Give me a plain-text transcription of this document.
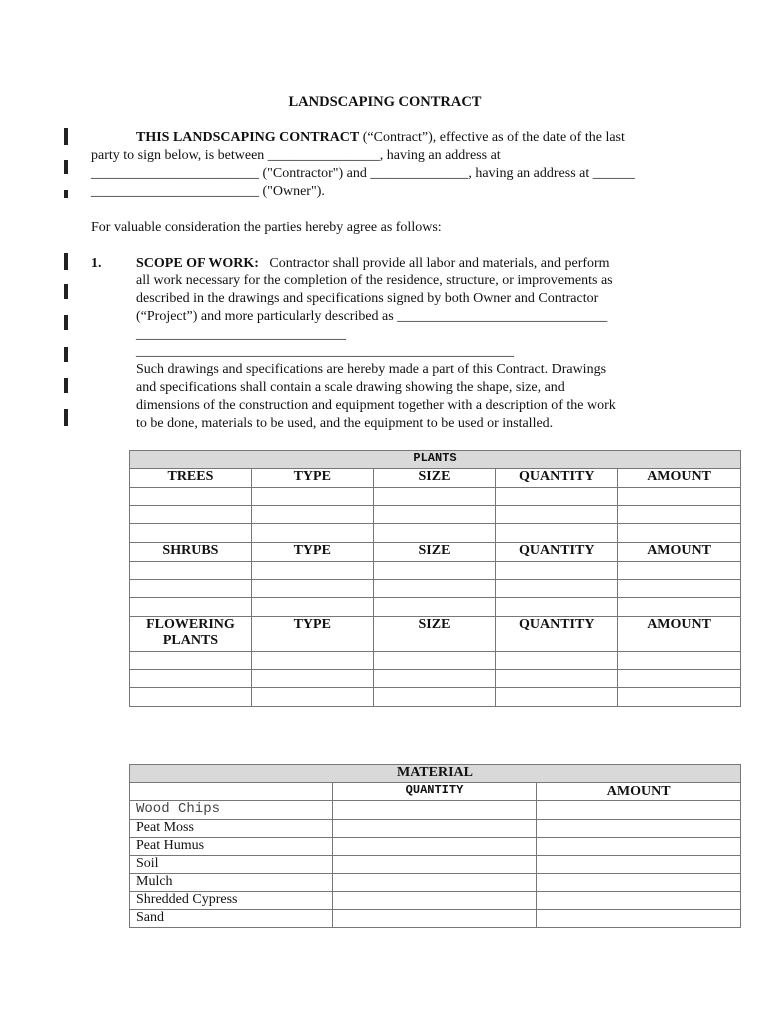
LANDSCAPING CONTRACT
THIS LANDSCAPING CONTRACT (“Contract”), effective as of the date of the last
party to sign below, is between ________________, having an address at
________________________ ("Contractor") and ______________, having an address at ______
________________________ ("Owner").
For valuable consideration the parties hereby agree as follows:
1. SCOPE OF WORK: Contractor shall provide all labor and materials, and perform
all work necessary for the completion of the residence, structure, or improvements as
described in the drawings and specifications signed by both Owner and Contractor
(“Project”) and more particularly described as ______________________________
______________________________
______________________________________________________
Such drawings and specifications are hereby made a part of this Contract. Drawings
and specifications shall contain a scale drawing showing the shape, size, and
dimensions of the construction and equipment together with a description of the work
to be done, materials to be used, and the equipment to be used or installed.
PLANTS				
TREES	TYPE	SIZE	QUANTITY	AMOUNT

SHRUBS	TYPE	SIZE	QUANTITY	AMOUNT

FLOWERING
PLANTS	TYPE	SIZE	QUANTITY	AMOUNT

MATERIAL		
	QUANTITY	AMOUNT
Wood Chips		
Peat Moss		
Peat Humus		
Soil		
Mulch		
Shredded Cypress		
Sand		
